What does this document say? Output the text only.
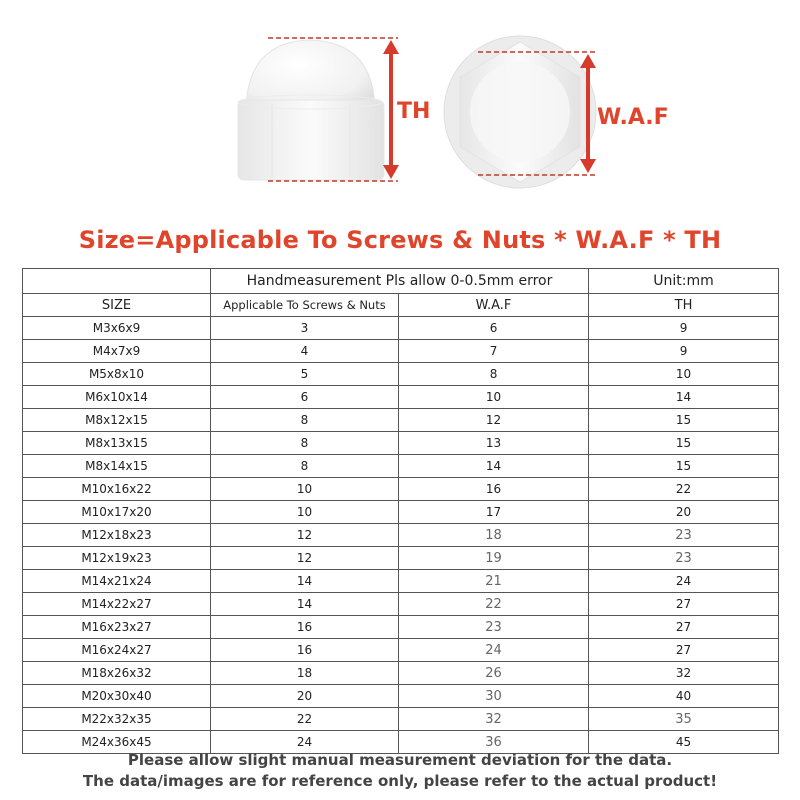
TH	W.A.F
Size=Applicable To Screws & Nuts * W.A.F * TH
	Handmeasurement Pls allow 0-0.5mm error		Unit:mm
SIZE	Applicable To Screws & Nuts	W.A.F	TH
M3x6x9	3	6	9
M4x7x9	4	7	9
M5x8x10	5	8	10
M6x10x14	6	10	14
M8x12x15	8	12	15
M8x13x15	8	13	15
M8x14x15	8	14	15
M10x16x22	10	16	22
M10x17x20	10	17	20
M12x18x23	12	18	23
M12x19x23	12	19	23
M14x21x24	14	21	24
M14x22x27	14	22	27
M16x23x27	16	23	27
M16x24x27	16	24	27
M18x26x32	18	26	32
M20x30x40	20	30	40
M22x32x35	22	32	35
M24x36x45	24	36	45
Please allow slight manual measurement deviation for the data.
The data/images are for reference only, please refer to the actual product!
